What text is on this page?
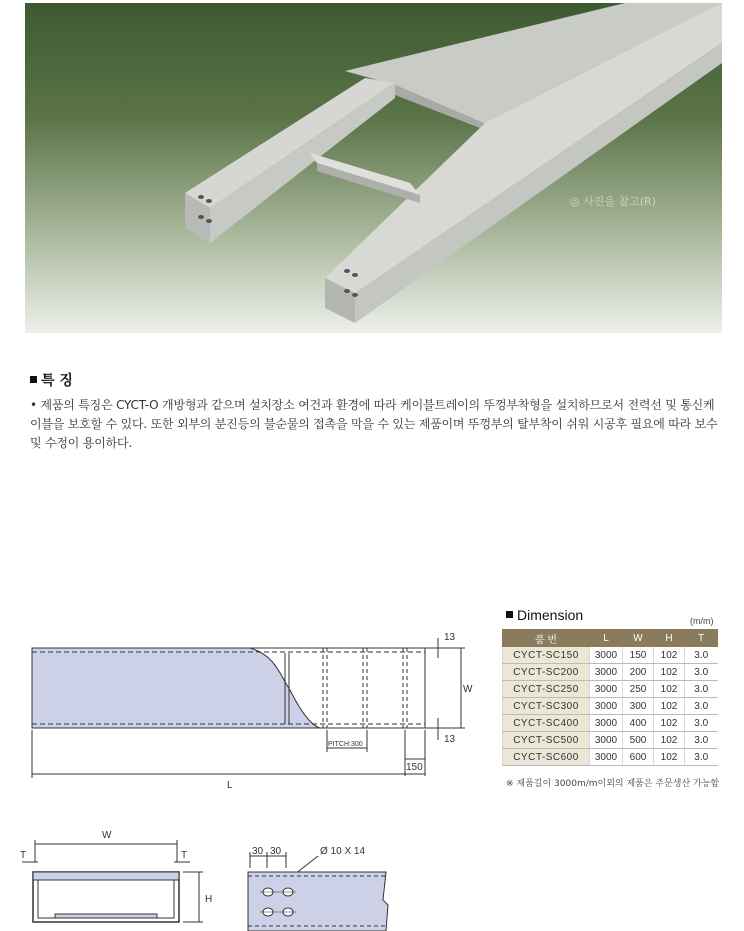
◎ 사진을 참고(R)
특 징
• 제품의 특징은 CYCT-O 개방형과 같으며 설치장소 여건과 환경에 따라 케이블트레이의 뚜껑부착형을 설치하므로서 전력선 및 통신케이블을 보호할 수 있다. 또한 외부의 분진등의 불순물의 접촉을 막을 수 있는 제품이며 뚜껑부의 탈부착이 쉬워 시공후 필요에 따라 보수 및 수정이 용이하다.
W
13
13
PITCH:300
150
L
W
T	T
H
30 30	Ø 10 X 14
Dimension	(m/m)
품 번	L	W	H	T
CYCT-SC150	3000	150	102	3.0
CYCT-SC200	3000	200	102	3.0
CYCT-SC250	3000	250	102	3.0
CYCT-SC300	3000	300	102	3.0
CYCT-SC400	3000	400	102	3.0
CYCT-SC500	3000	500	102	3.0
CYCT-SC600	3000	600	102	3.0
※ 제품길이 3000m/m이외의 제품은 주문생산 가능함
